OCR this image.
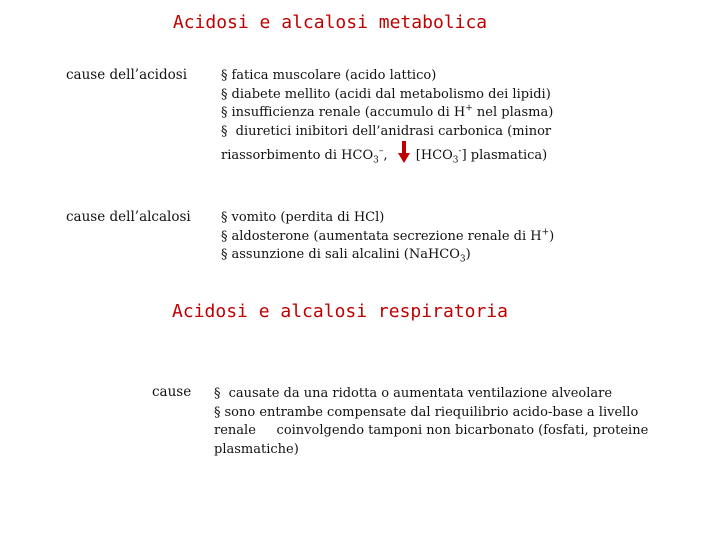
Acidosi e alcalosi metabolica
cause dell’acidosi	§ fatica muscolare (acido lattico)
§ diabete mellito (acidi dal metabolismo dei lipidi)
§ insufficienza renale (accumulo di H+ nel plasma)
§ diuretici inibitori dell’anidrasi carbonica (minor
riassorbimento di $HCO_3^-$, $[HCO_3^-]$ plasmatica)
cause dell’alcalosi § vomito (perdita di HCl)
§ aldosterone (aumentata secrezione renale di H+)
§ assunzione di sali alcalini (NaHCO$_3$)
Acidosi e alcalosi respiratoria
cause § causate da una ridotta o aumentata ventilazione alveolare
§ sono entrambe compensate dal riequilibrio acido-base a livello
renale     coinvolgendo tamponi non bicarbonato (fosfati, proteine
plasmatiche)
